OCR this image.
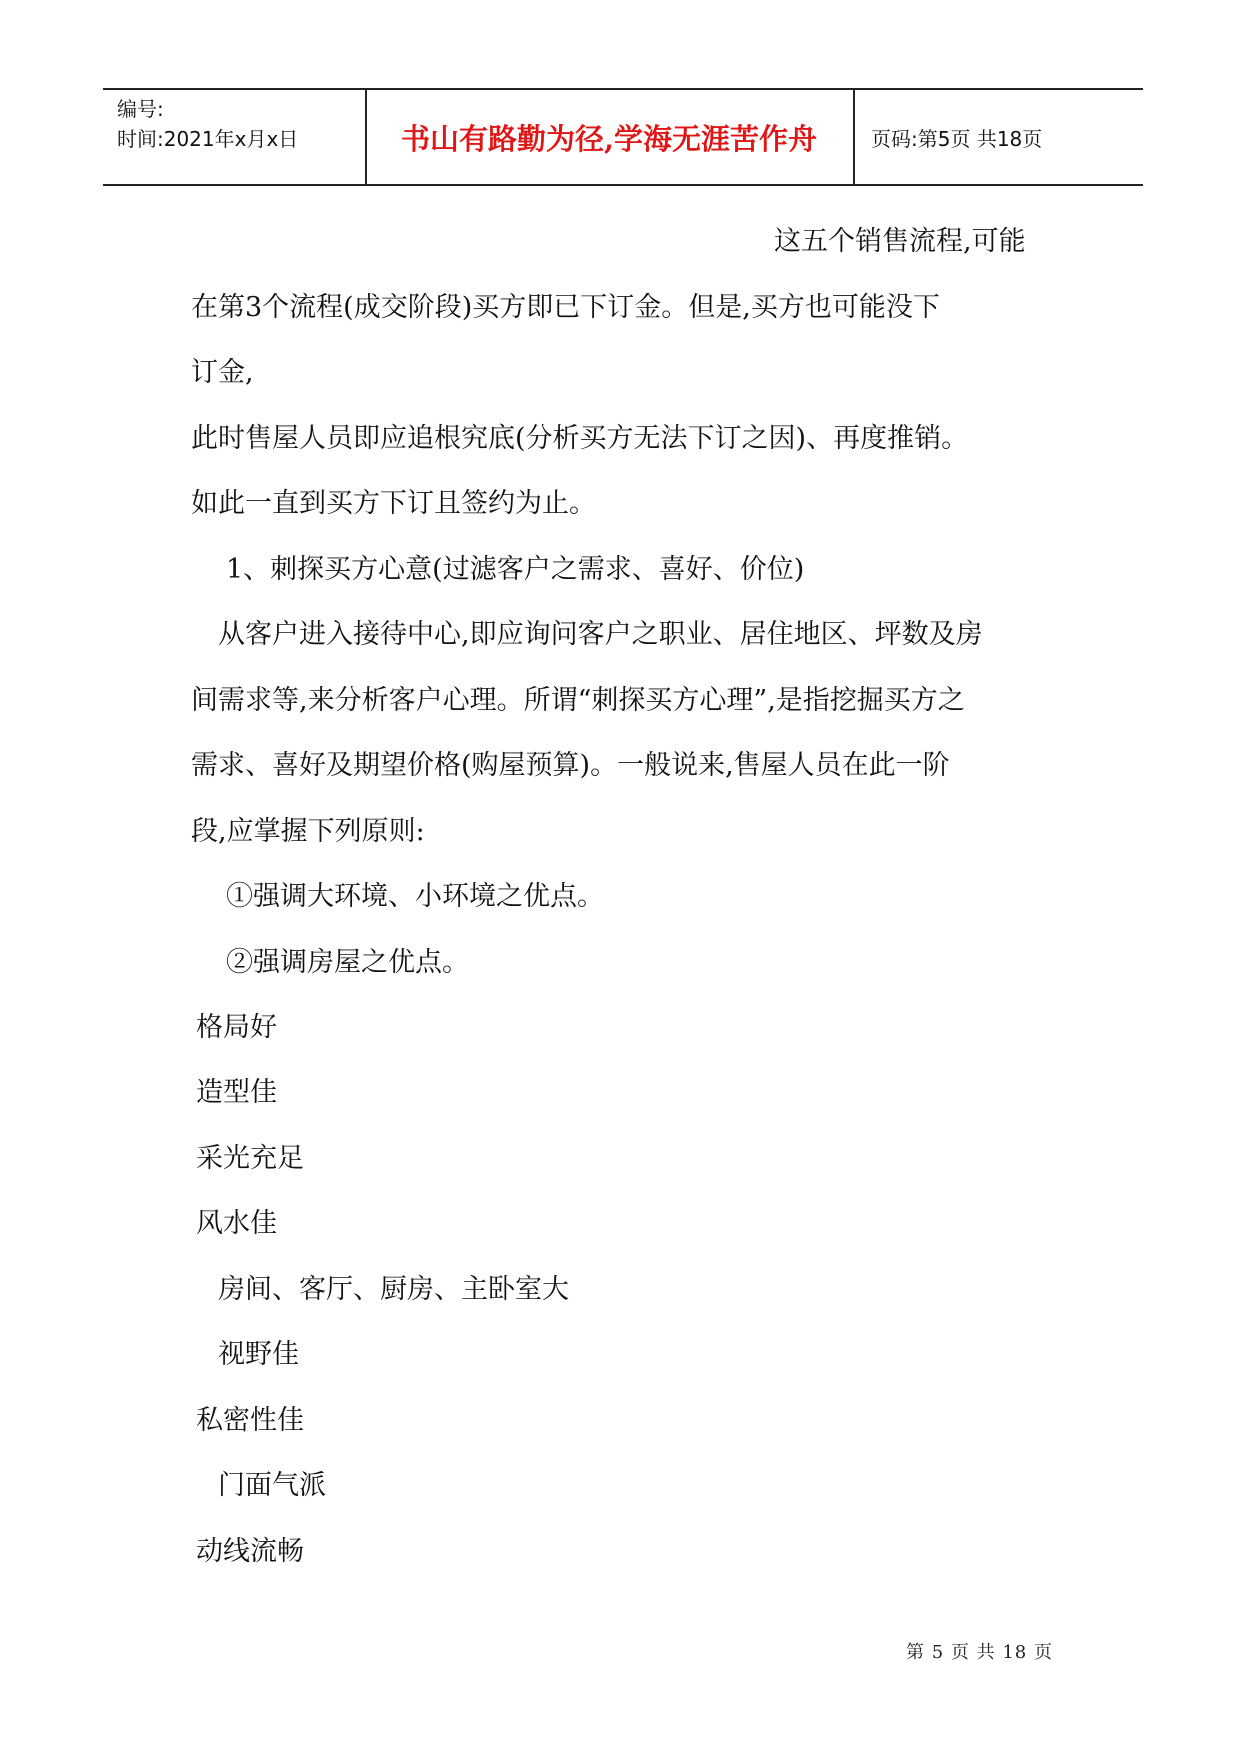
编号:
时间:2021年x月x日	书山有路勤为径,学海无涯苦作舟	页码:第5页 共18页
这五个销售流程,可能
在第3个流程(成交阶段)买方即已下订金。但是,买方也可能没下
订金,
此时售屋人员即应追根究底(分析买方无法下订之因)、再度推销。
如此一直到买方下订且签约为止。
1、刺探买方心意(过滤客户之需求、喜好、价位)
从客户进入接待中心,即应询问客户之职业、居住地区、坪数及房
间需求等,来分析客户心理。所谓“刺探买方心理”,是指挖掘买方之
需求、喜好及期望价格(购屋预算)。一般说来,售屋人员在此一阶
段,应掌握下列原则:
①强调大环境、小环境之优点。
②强调房屋之优点。
格局好
造型佳
采光充足
风水佳
房间、客厅、厨房、主卧室大
视野佳
私密性佳
门面气派
动线流畅
第 5 页 共 18 页
